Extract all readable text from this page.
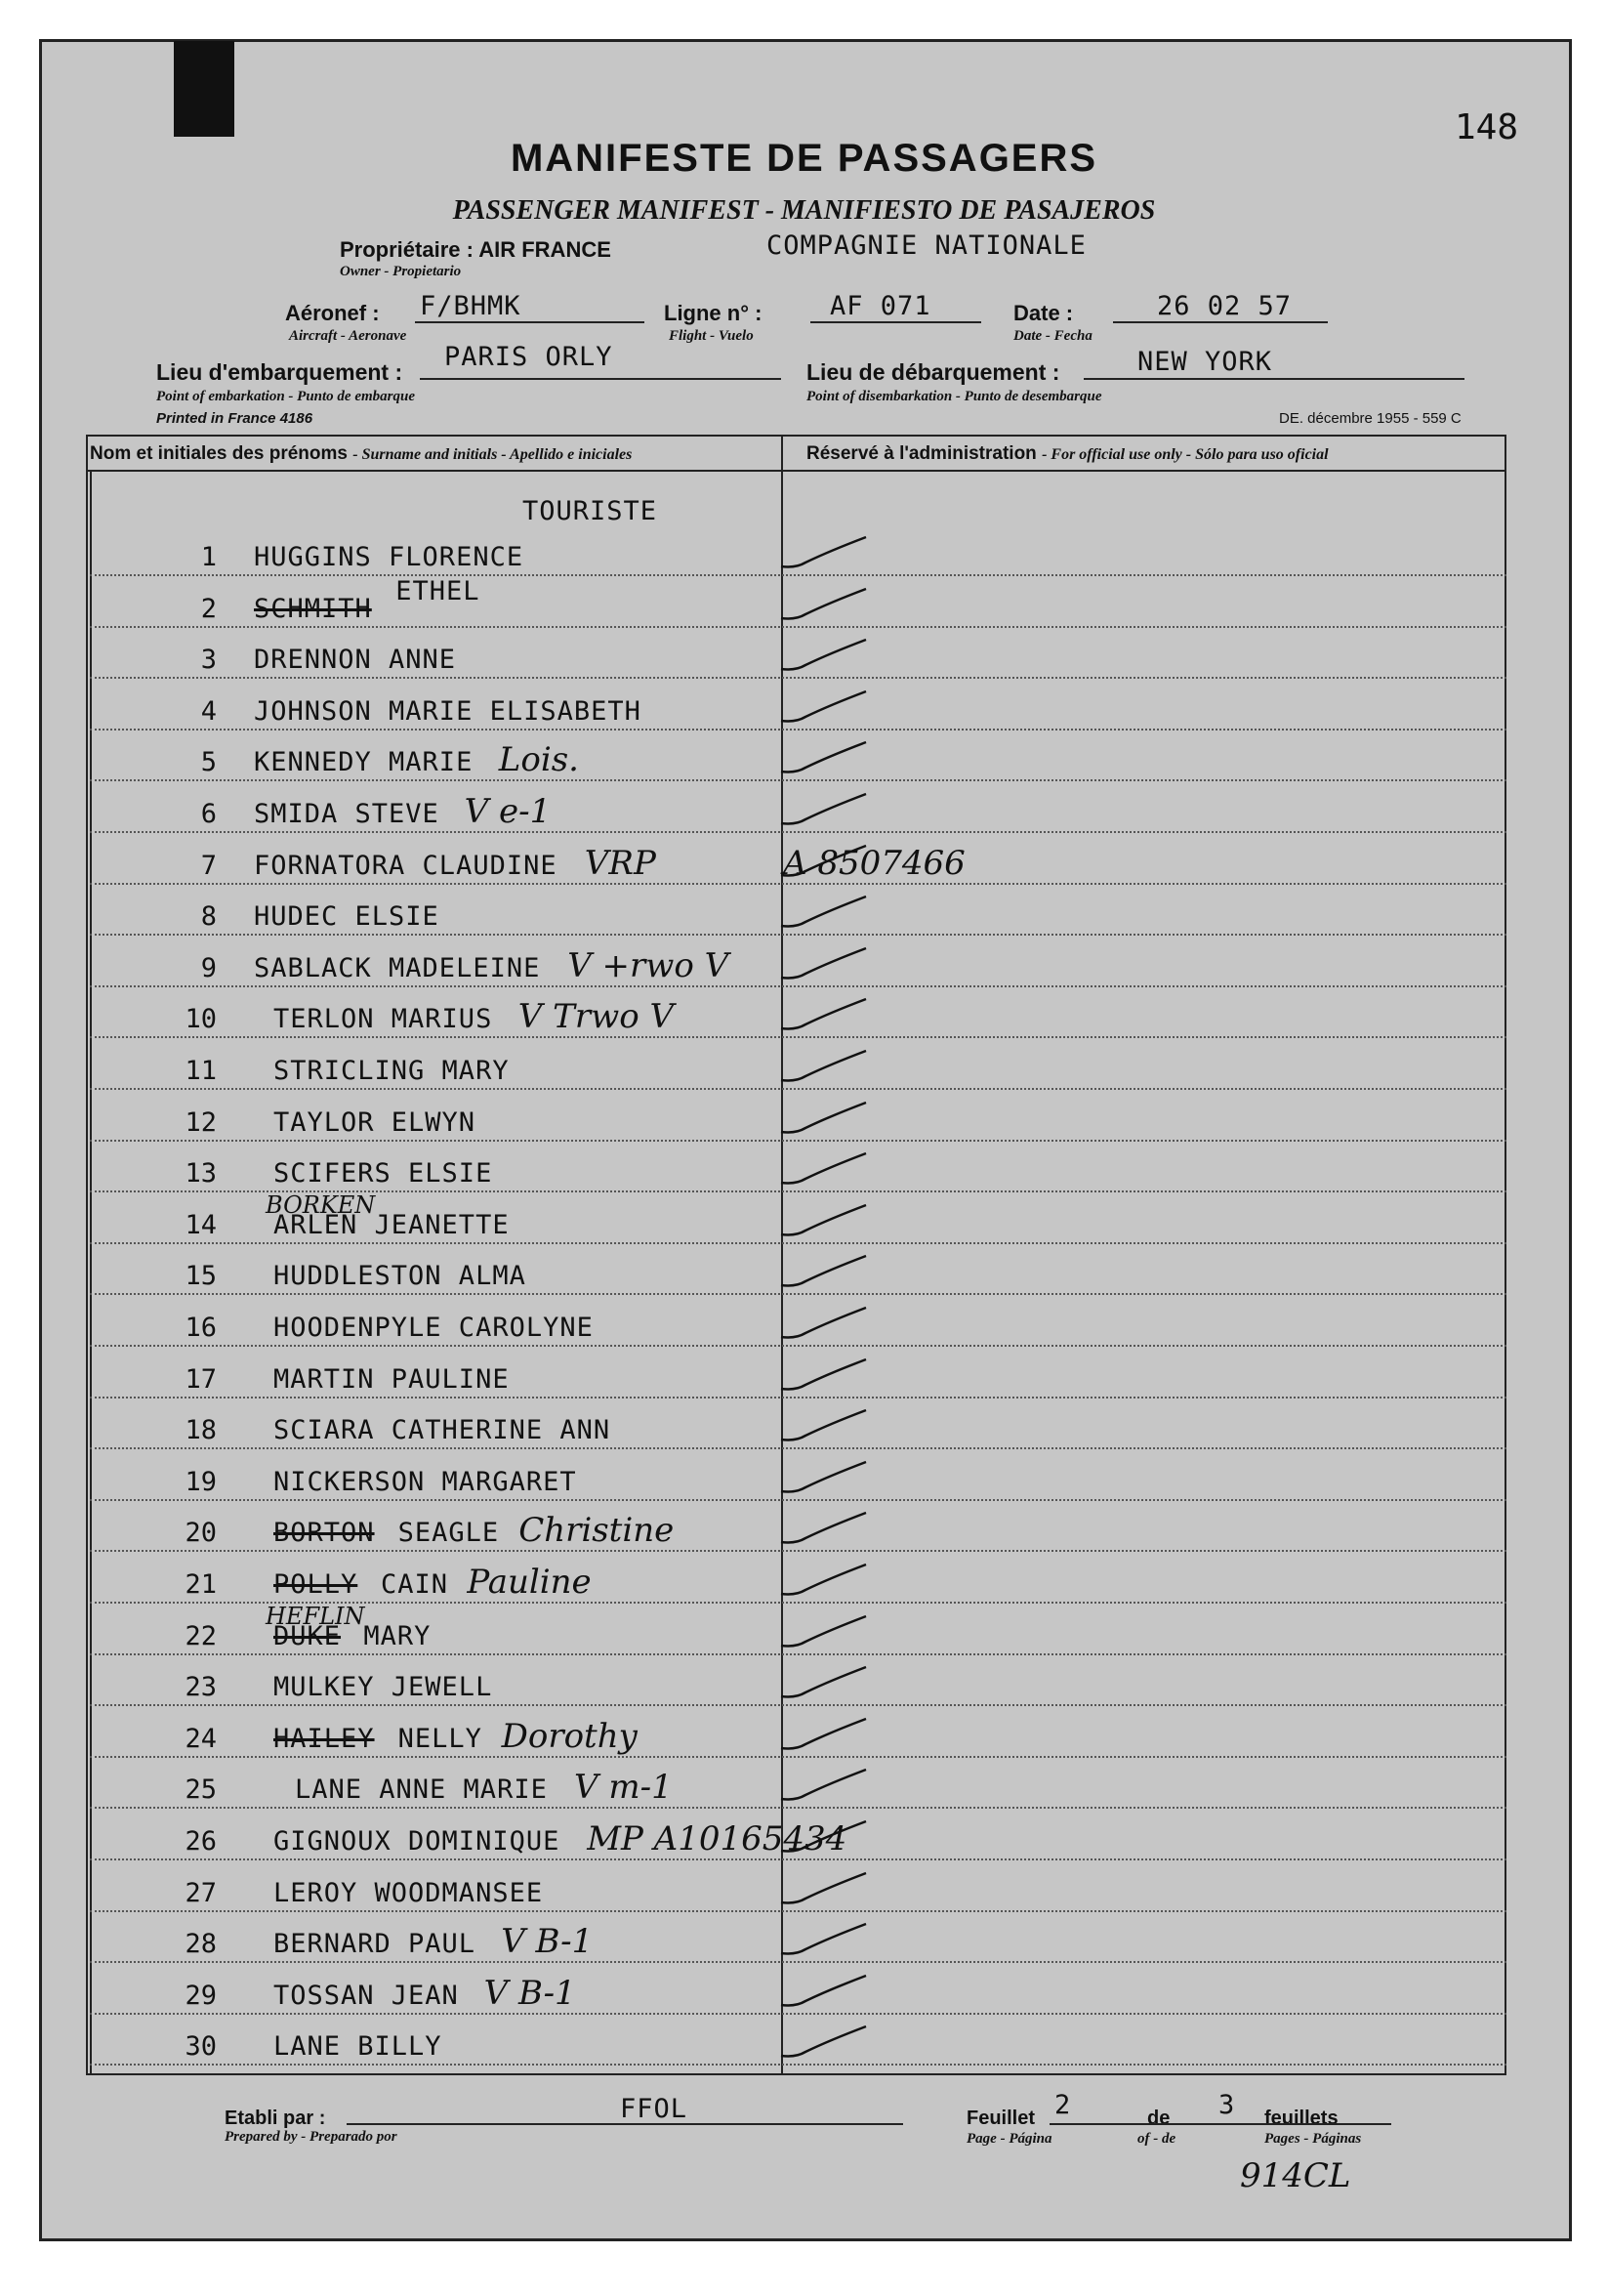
148
MANIFESTE DE PASSAGERS
PASSENGER MANIFEST - MANIFIESTO DE PASAJEROS
Propriétaire : AIR FRANCE	COMPAGNIE NATIONALE
Owner - Propietario
Aéronef : F/BHMK
Aircraft - Aeronave
Ligne n° :	AF 071
Flight - Vuelo
Date :	26 02 57
Date - Fecha
Lieu d'embarquement : PARIS ORLY
Point of embarkation - Punto de embarque
Lieu de débarquement :	NEW YORK
Point of disembarkation - Punto de desembarque
Printed in France 4186	DE. décembre 1955 - 559 C
Nom et initiales des prénoms - Surname and initials - Apellido e iniciales	Réservé à l'administration - For official use only - Sólo para uso oficial
TOURISTE
1 HUGGINS FLORENCE
2 SCHMITH
ETHEL
3 DRENNON ANNE
4 JOHNSON MARIE ELISABETH
5 KENNEDY MARIE Lois.
6 SMIDA STEVE V e-1
7 FORNATORA CLAUDINE VRP	A 8507466
8 HUDEC ELSIE
9 SABLACK MADELEINE V +rwo V
10 TERLON MARIUS V Trwo V
11 STRICLING MARY
12 TAYLOR ELWYN
13 SCIFERS ELSIE
14 ARLEN JEANETTE
BORKEN
15 HUDDLESTON ALMA
16 HOODENPYLE CAROLYNE
17 MARTIN PAULINE
18 SCIARA CATHERINE ANN
19 NICKERSON MARGARET
20 BORTON SEAGLE Christine
21 POLLY CAIN Pauline
22 DUKE MARY
HEFLIN
23 MULKEY JEWELL
24 HAILEY NELLY Dorothy
25	LANE ANNE MARIE V m-1
26 GIGNOUX DOMINIQUE MP A10165434
27 LEROY WOODMANSEE
28 BERNARD PAUL V B-1
29 TOSSAN JEAN V B-1
30 LANE BILLY
Etabli par :	FFOL
Prepared by - Preparado por
Feuillet 2	de 3 feuillets
Page - Página	of - de	Pages - Páginas
914CL
